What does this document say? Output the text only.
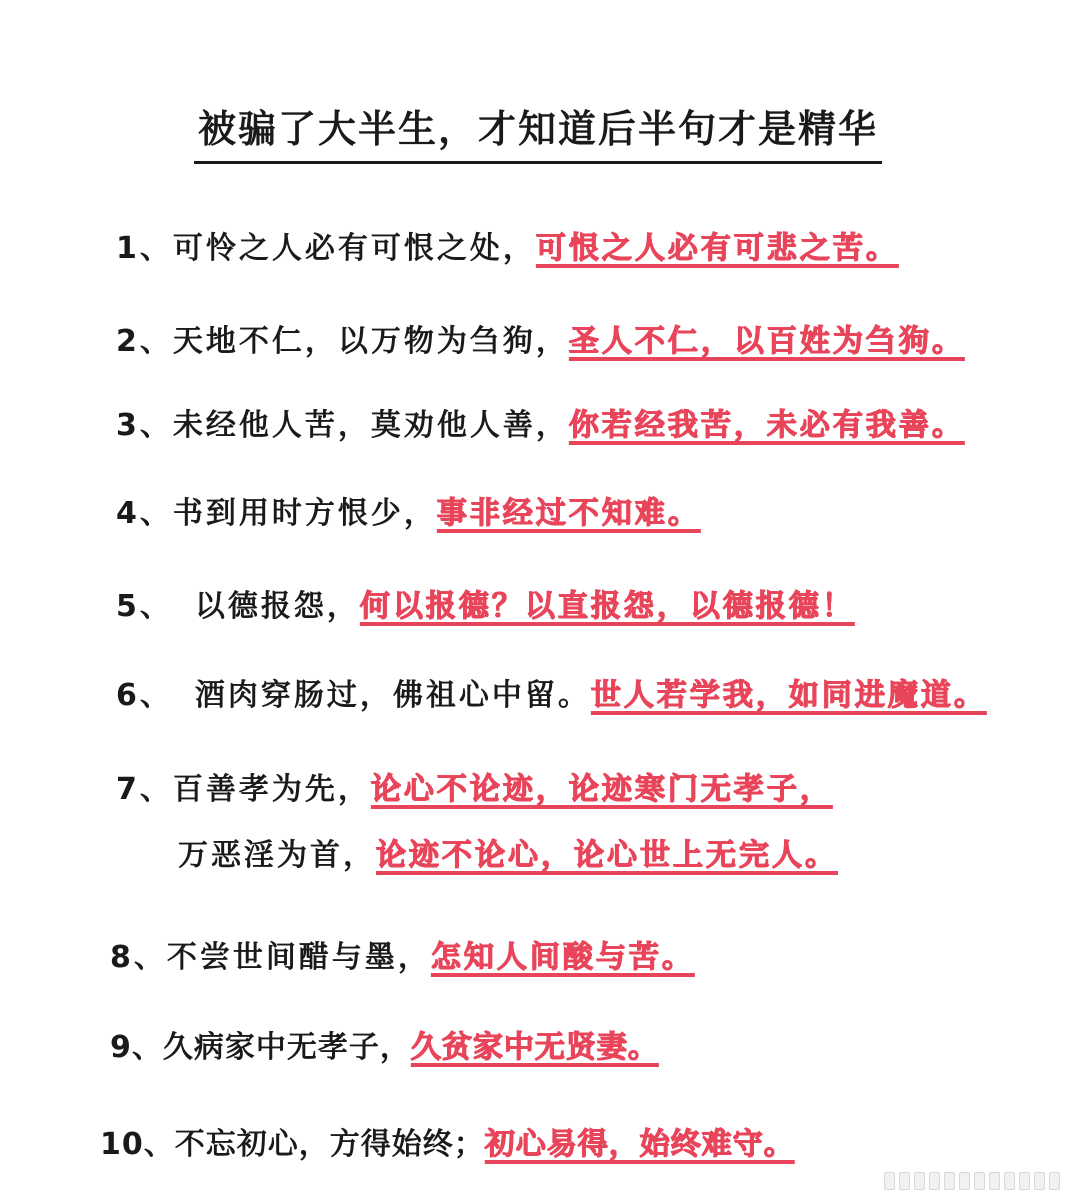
被骗了大半生，才知道后半句才是精华
1、可怜之人必有可恨之处，可恨之人必有可悲之苦。
2、天地不仁，以万物为刍狗，圣人不仁，以百姓为刍狗。
3、未经他人苦，莫劝他人善，你若经我苦，未必有我善。
4、书到用时方恨少，事非经过不知难。
5、 以德报怨，何以报德？以直报怨，以德报德！
6、 酒肉穿肠过，佛祖心中留。世人若学我，如同进魔道。
7、百善孝为先，论心不论迹，论迹寒门无孝子，
万恶淫为首，论迹不论心，论心世上无完人。
8、不尝世间醋与墨，怎知人间酸与苦。
9、久病家中无孝子，久贫家中无贤妻。
10、不忘初心，方得始终；初心易得，始终难守。
